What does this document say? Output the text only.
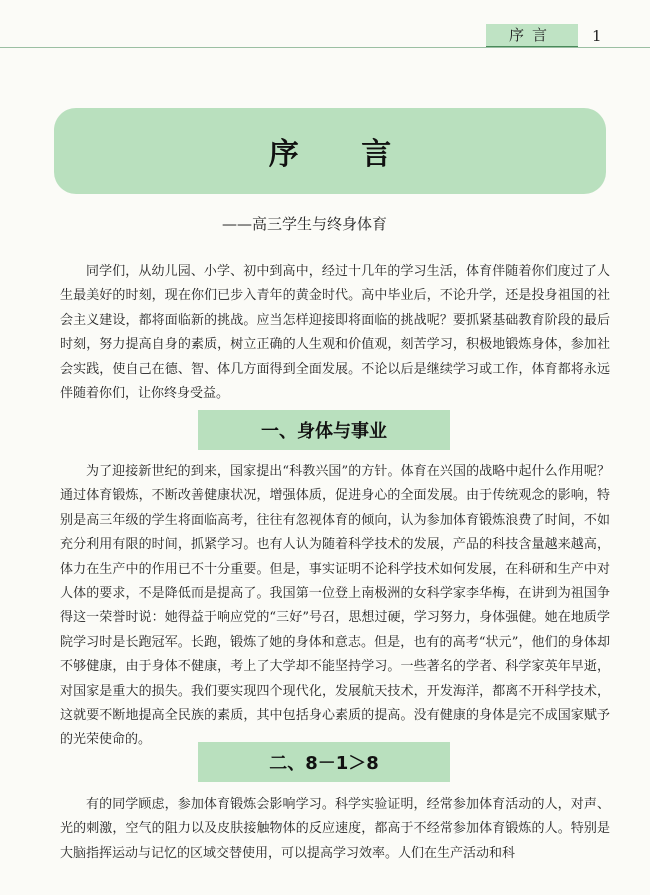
序言	1
序 言
——高三学生与终身体育

同学们，从幼儿园、小学、初中到高中，经过十几年的学习生活，体育伴随着你们度过了人生最美好的时刻，现在你们已步入青年的黄金时代。高中毕业后，不论升学，还是投身祖国的社会主义建设，都将面临新的挑战。应当怎样迎接即将面临的挑战呢？要抓紧基础教育阶段的最后时刻，努力提高自身的素质，树立正确的人生观和价值观，刻苦学习，积极地锻炼身体，参加社会实践，使自己在德、智、体几方面得到全面发展。不论以后是继续学习或工作，体育都将永远伴随着你们，让你终身受益。

一、身体与事业

为了迎接新世纪的到来，国家提出“科教兴国”的方针。体育在兴国的战略中起什么作用呢？通过体育锻炼，不断改善健康状况，增强体质，促进身心的全面发展。由于传统观念的影响，特别是高三年级的学生将面临高考，往往有忽视体育的倾向，认为参加体育锻炼浪费了时间，不如充分利用有限的时间，抓紧学习。也有人认为随着科学技术的发展，产品的科技含量越来越高，体力在生产中的作用已不十分重要。但是，事实证明不论科学技术如何发展，在科研和生产中对人体的要求，不是降低而是提高了。我国第一位登上南极洲的女科学家李华梅，在讲到为祖国争得这一荣誉时说：她得益于响应党的“三好”号召，思想过硬，学习努力，身体强健。她在地质学院学习时是长跑冠军。长跑，锻炼了她的身体和意志。但是，也有的高考“状元”，他们的身体却不够健康，由于身体不健康，考上了大学却不能坚持学习。一些著名的学者、科学家英年早逝，对国家是重大的损失。我们要实现四个现代化，发展航天技术，开发海洋，都离不开科学技术，这就要不断地提高全民族的素质，其中包括身心素质的提高。没有健康的身体是完不成国家赋予的光荣使命的。

二、8－1＞8

有的同学顾虑，参加体育锻炼会影响学习。科学实验证明，经常参加体育活动的人，对声、光的刺激，空气的阻力以及皮肤接触物体的反应速度，都高于不经常参加体育锻炼的人。特别是大脑指挥运动与记忆的区域交替使用，可以提高学习效率。人们在生产活动和科
